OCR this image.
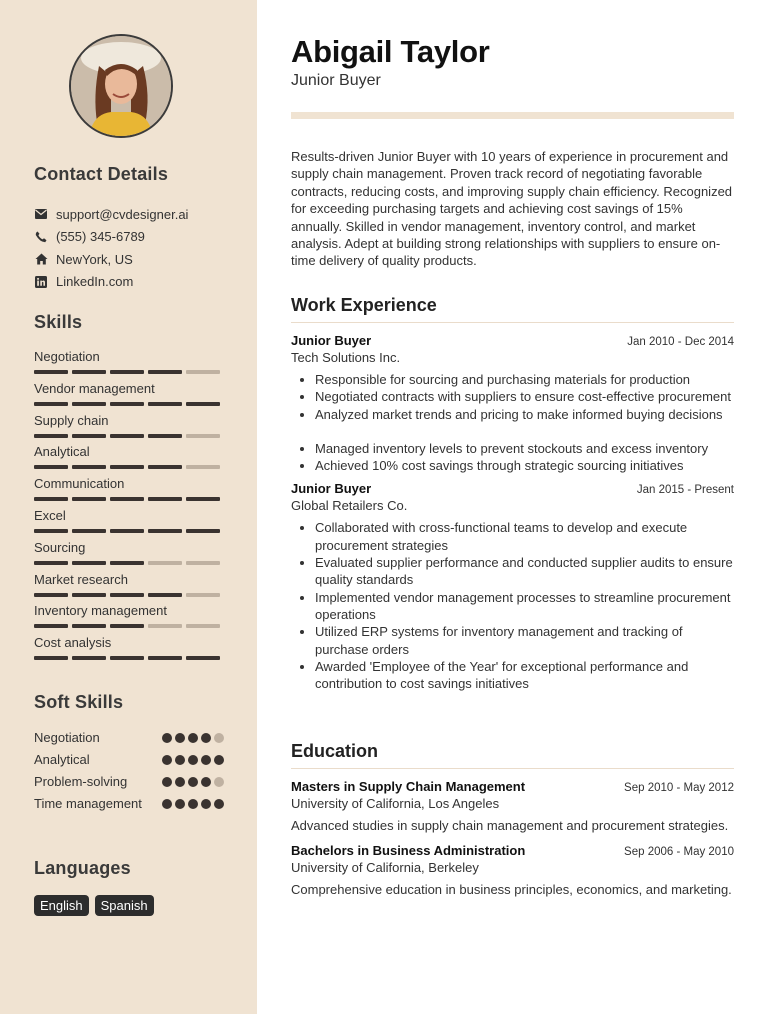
Contact Details
support@cvdesigner.ai
(555) 345-6789
NewYork, US
LinkedIn.com
Skills
Negotiation
Vendor management
Supply chain
Analytical
Communication
Excel
Sourcing
Market research
Inventory management
Cost analysis
Soft Skills
Negotiation
Analytical
Problem-solving
Time management
Languages
English	Spanish
Abigail Taylor
Junior Buyer

Results-driven Junior Buyer with 10 years of experience in procurement and supply chain management. Proven track record of negotiating favorable contracts, reducing costs, and improving supply chain efficiency. Recognized for exceeding purchasing targets and achieving cost savings of 15% annually. Skilled in vendor management, inventory control, and market analysis. Adept at building strong relationships with suppliers to ensure on-time delivery of quality products.

Work Experience
Junior Buyer	Jan 2010 - Dec 2014
Tech Solutions Inc.
• Responsible for sourcing and purchasing materials for production
• Negotiated contracts with suppliers to ensure cost-effective procurement
• Analyzed market trends and pricing to make informed buying decisions
• Managed inventory levels to prevent stockouts and excess inventory
• Achieved 10% cost savings through strategic sourcing initiatives
Junior Buyer	Jan 2015 - Present
Global Retailers Co.
• Collaborated with cross-functional teams to develop and execute procurement strategies
• Evaluated supplier performance and conducted supplier audits to ensure quality standards
• Implemented vendor management processes to streamline procurement operations
• Utilized ERP systems for inventory management and tracking of purchase orders
• Awarded 'Employee of the Year' for exceptional performance and contribution to cost savings initiatives
Education
Masters in Supply Chain Management	Sep 2010 - May 2012
University of California, Los Angeles
Advanced studies in supply chain management and procurement strategies.
Bachelors in Business Administration	Sep 2006 - May 2010
University of California, Berkeley
Comprehensive education in business principles, economics, and marketing.
